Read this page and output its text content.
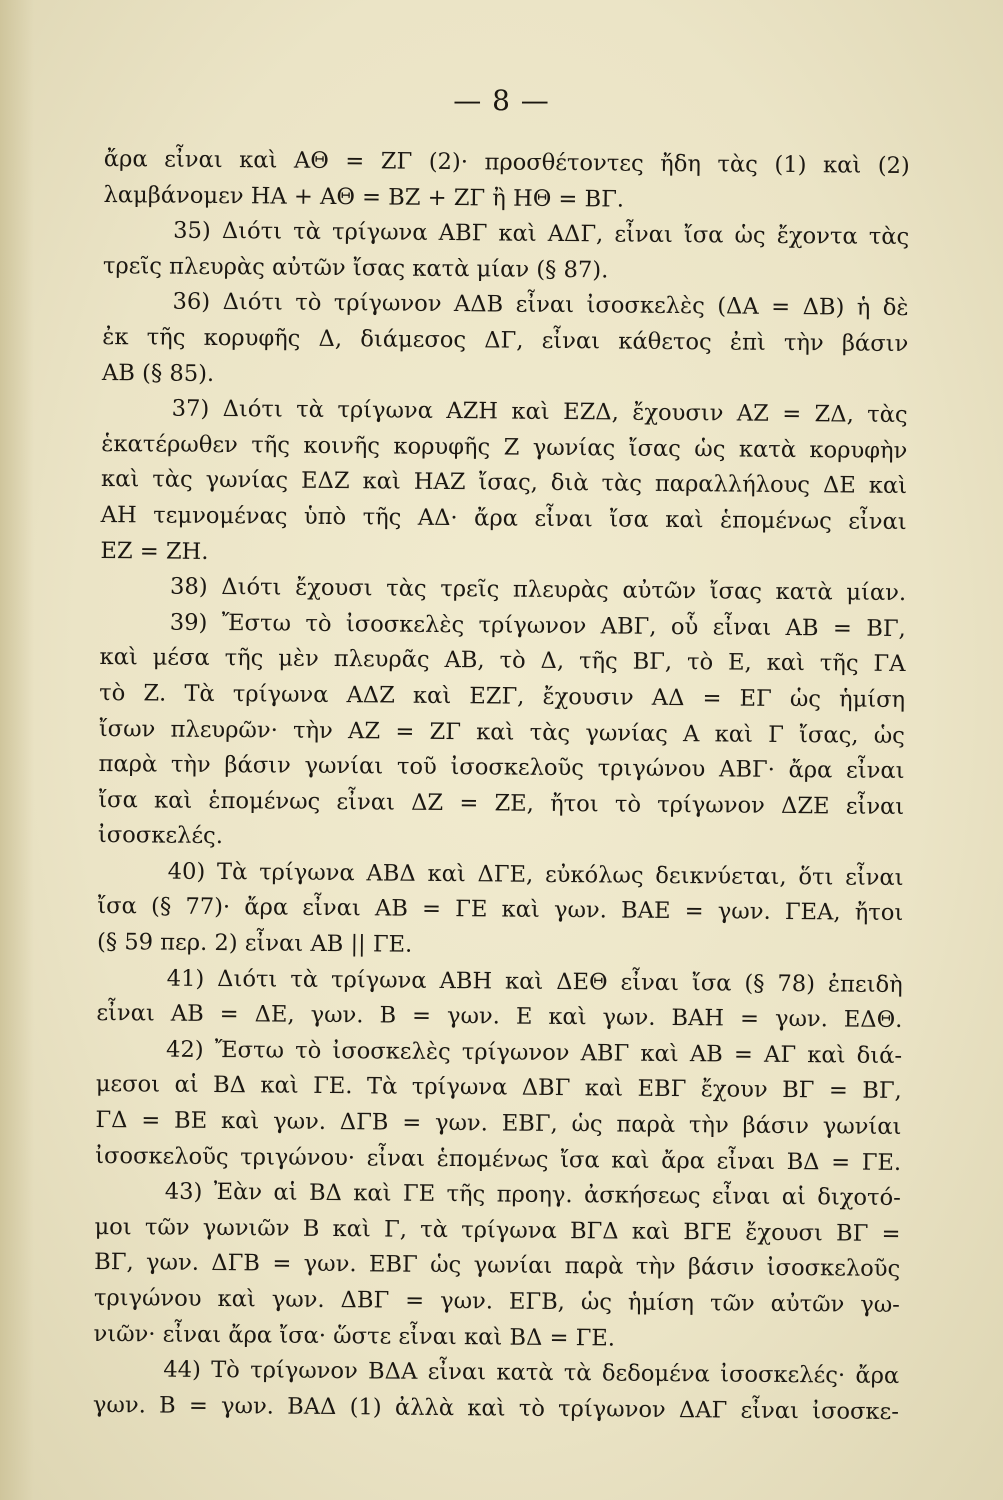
— 8 —
ἄρα εἶναι καὶ ΑΘ = ΖΓ (2)· προσθέτοντες ἤδη τὰς (1) καὶ (2)
λαμβάνομεν ΗΑ + ΑΘ = ΒΖ + ΖΓ ἢ ΗΘ = ΒΓ.
35) Διότι τὰ τρίγωνα ΑΒΓ καὶ ΑΔΓ, εἶναι ἴσα ὡς ἔχοντα τὰς
τρεῖς πλευρὰς αὐτῶν ἴσας κατὰ μίαν (§ 87).
36) Διότι τὸ τρίγωνον ΑΔΒ εἶναι ἰσοσκελὲς (ΔΑ = ΔΒ) ἡ δὲ
ἐκ τῆς κορυφῆς Δ, διάμεσος ΔΓ, εἶναι κάθετος ἐπὶ τὴν βάσιν
ΑΒ (§ 85).
37) Διότι τὰ τρίγωνα ΑΖΗ καὶ ΕΖΔ, ἔχουσιν ΑΖ = ΖΔ, τὰς
ἑκατέρωθεν τῆς κοινῆς κορυφῆς Ζ γωνίας ἴσας ὡς κατὰ κορυφὴν
καὶ τὰς γωνίας ΕΔΖ καὶ ΗΑΖ ἴσας, διὰ τὰς παραλλήλους ΔΕ καὶ
ΑΗ τεμνομένας ὑπὸ τῆς ΑΔ· ἄρα εἶναι ἴσα καὶ ἑπομένως εἶναι
ΕΖ = ΖΗ.
38) Διότι ἔχουσι τὰς τρεῖς πλευρὰς αὐτῶν ἴσας κατὰ μίαν.
39) Ἔστω τὸ ἰσοσκελὲς τρίγωνον ΑΒΓ, οὗ εἶναι ΑΒ = ΒΓ,
καὶ μέσα τῆς μὲν πλευρᾶς ΑΒ, τὸ Δ, τῆς ΒΓ, τὸ Ε, καὶ τῆς ΓΑ
τὸ Ζ. Τὰ τρίγωνα ΑΔΖ καὶ ΕΖΓ, ἔχουσιν ΑΔ = ΕΓ ὡς ἡμίση
ἴσων πλευρῶν· τὴν ΑΖ = ΖΓ καὶ τὰς γωνίας Α καὶ Γ ἴσας, ὡς
παρὰ τὴν βάσιν γωνίαι τοῦ ἰσοσκελοῦς τριγώνου ΑΒΓ· ἄρα εἶναι
ἴσα καὶ ἑπομένως εἶναι ΔΖ = ΖΕ, ἤτοι τὸ τρίγωνον ΔΖΕ εἶναι
ἰσοσκελές.
40) Τὰ τρίγωνα ΑΒΔ καὶ ΔΓΕ, εὐκόλως δεικνύεται, ὅτι εἶναι
ἴσα (§ 77)· ἄρα εἶναι ΑΒ = ΓΕ καὶ γων. ΒΑΕ = γων. ΓΕΑ, ἤτοι
(§ 59 περ. 2) εἶναι ΑΒ || ΓΕ.
41) Διότι τὰ τρίγωνα ΑΒΗ καὶ ΔΕΘ εἶναι ἴσα (§ 78) ἐπειδὴ
εἶναι ΑΒ = ΔΕ, γων. Β = γων. Ε καὶ γων. ΒΑΗ = γων. ΕΔΘ.
42) Ἔστω τὸ ἰσοσκελὲς τρίγωνον ΑΒΓ καὶ ΑΒ = ΑΓ καὶ διά-
μεσοι αἱ ΒΔ καὶ ΓΕ. Τὰ τρίγωνα ΔΒΓ καὶ ΕΒΓ ἔχουν ΒΓ = ΒΓ,
ΓΔ = ΒΕ καὶ γων. ΔΓΒ = γων. ΕΒΓ, ὡς παρὰ τὴν βάσιν γωνίαι
ἰσοσκελοῦς τριγώνου· εἶναι ἑπομένως ἴσα καὶ ἄρα εἶναι ΒΔ = ΓΕ.
43) Ἐὰν αἱ ΒΔ καὶ ΓΕ τῆς προηγ. ἀσκήσεως εἶναι αἱ διχοτό-
μοι τῶν γωνιῶν Β καὶ Γ, τὰ τρίγωνα ΒΓΔ καὶ ΒΓΕ ἔχουσι ΒΓ =
ΒΓ, γων. ΔΓΒ = γων. ΕΒΓ ὡς γωνίαι παρὰ τὴν βάσιν ἰσοσκελοῦς
τριγώνου καὶ γων. ΔΒΓ = γων. ΕΓΒ, ὡς ἡμίση τῶν αὐτῶν γω-
νιῶν· εἶναι ἄρα ἴσα· ὥστε εἶναι καὶ ΒΔ = ΓΕ.
44) Τὸ τρίγωνον ΒΔΑ εἶναι κατὰ τὰ δεδομένα ἰσοσκελές· ἄρα
γων. Β = γων. ΒΑΔ (1) ἀλλὰ καὶ τὸ τρίγωνον ΔΑΓ εἶναι ἰσοσκε-
